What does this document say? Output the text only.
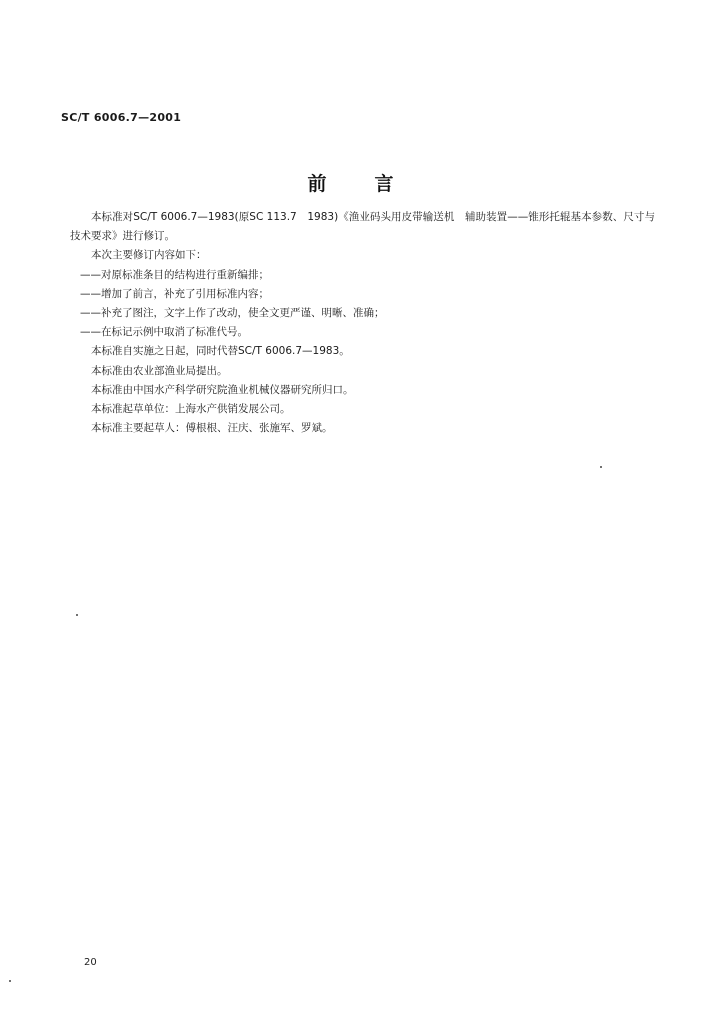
SC/T 6006.7—2001
前言

本标准对SC/T 6006.7—1983(原SC 113.7　1983)《渔业码头用皮带输送机　辅助装置——锥形托辊基本参数、尺寸与技术要求》进行修订。

本次主要修订内容如下：

——对原标准条目的结构进行重新编排；

——增加了前言，补充了引用标准内容；

——补充了图注，文字上作了改动，使全文更严谨、明晰、准确；

——在标记示例中取消了标准代号。

本标准自实施之日起，同时代替SC/T 6006.7—1983。

本标准由农业部渔业局提出。

本标准由中国水产科学研究院渔业机械仪器研究所归口。

本标准起草单位：上海水产供销发展公司。

本标准主要起草人：傅根根、汪庆、张施军、罗斌。

20
